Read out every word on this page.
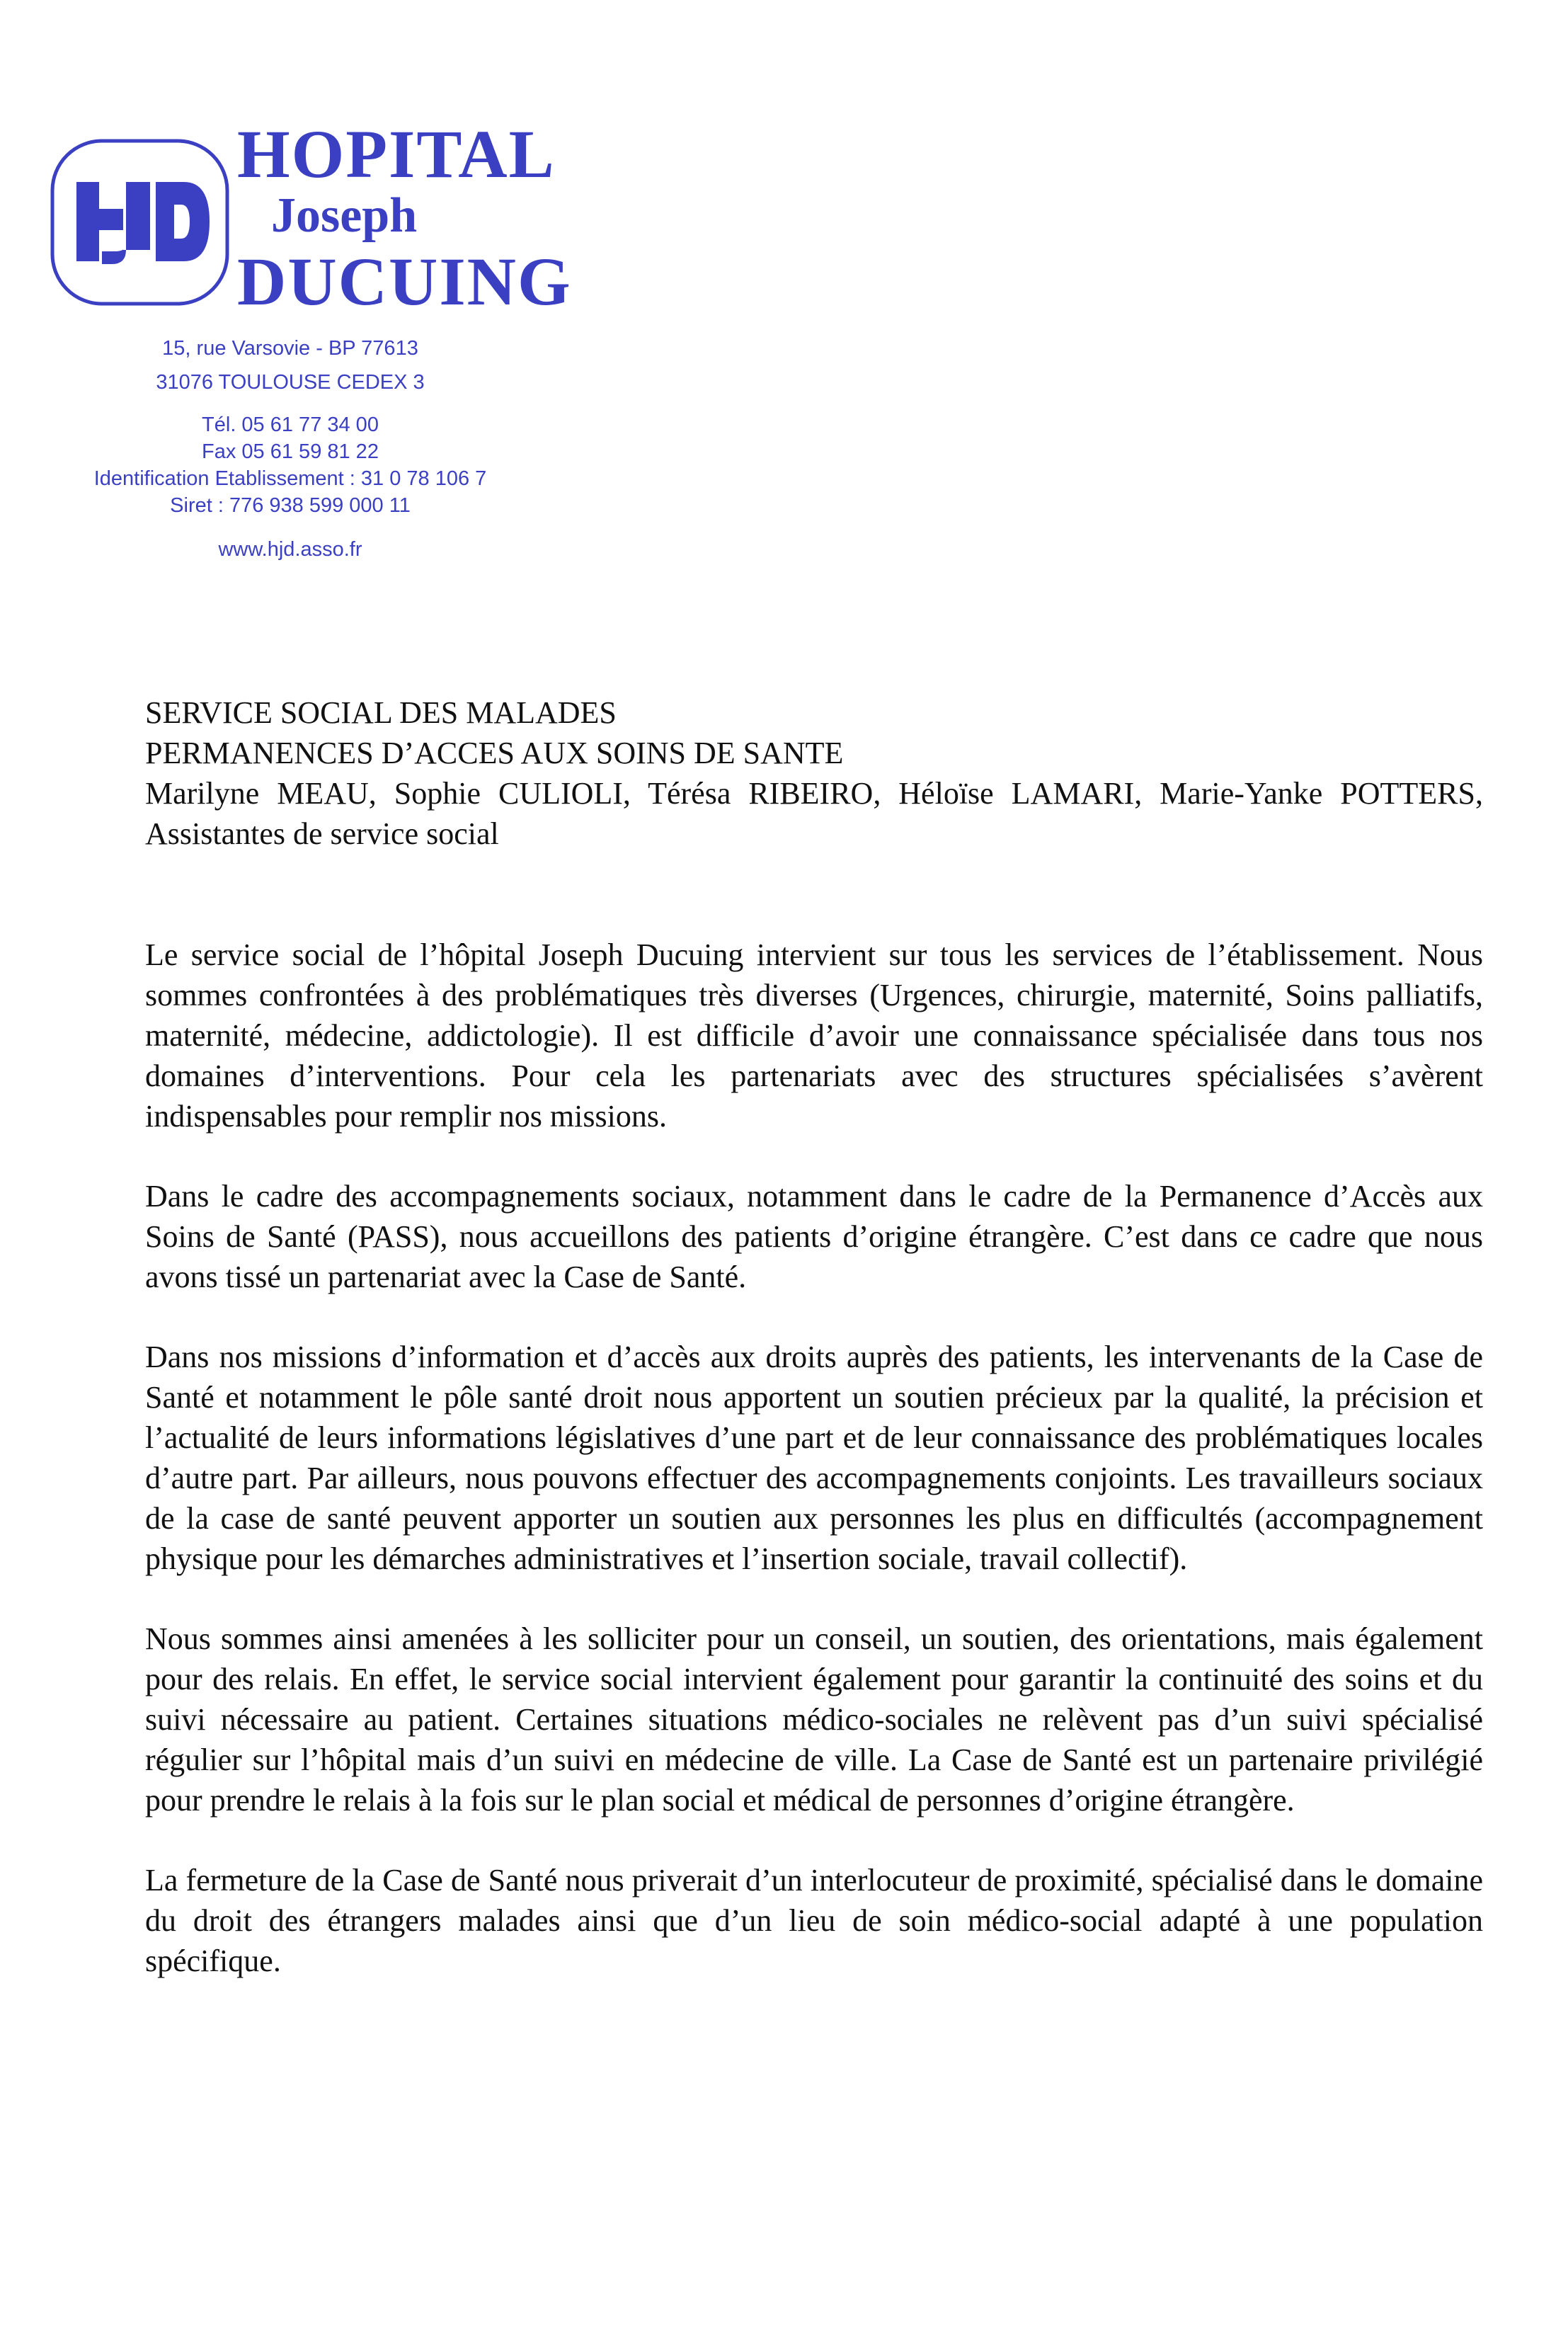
HOPITAL
Joseph
DUCUING
15, rue Varsovie - BP 77613
31076 TOULOUSE CEDEX 3
Tél. 05 61 77 34 00
Fax 05 61 59 81 22
Identification Etablissement : 31 0 78 106 7
Siret : 776 938 599 000 11
www.hjd.asso.fr
SERVICE SOCIAL DES MALADES
PERMANENCES D’ACCES AUX SOINS DE SANTE

Marilyne MEAU, Sophie CULIOLI, Térésa RIBEIRO, Héloïse LAMARI, Marie-Yanke POTTERS, Assistantes de service social

Le service social de l’hôpital Joseph Ducuing intervient sur tous les services de l’établissement. Nous sommes confrontées à des problématiques très diverses (Urgences, chirurgie, maternité, Soins palliatifs, maternité, médecine, addictologie). Il est difficile d’avoir une connaissance spécialisée dans tous nos domaines d’interventions. Pour cela les partenariats avec des structures spécialisées s’avèrent indispensables pour remplir nos missions.

Dans le cadre des accompagnements sociaux, notamment dans le cadre de la Permanence d’Accès aux Soins de Santé (PASS), nous accueillons des patients d’origine étrangère. C’est dans ce cadre que nous avons tissé un partenariat avec la Case de Santé.

Dans nos missions d’information et d’accès aux droits auprès des patients, les intervenants de la Case de Santé et notamment le pôle santé droit nous apportent un soutien précieux par la qualité, la précision et l’actualité de leurs informations législatives d’une part et de leur connaissance des problématiques locales d’autre part. Par ailleurs, nous pouvons effectuer des accompagnements conjoints. Les travailleurs sociaux de la case de santé peuvent apporter un soutien aux personnes les plus en difficultés (accompagnement physique pour les démarches administratives et l’insertion sociale, travail collectif).

Nous sommes ainsi amenées à les solliciter pour un conseil, un soutien, des orientations, mais également pour des relais. En effet, le service social intervient également pour garantir la continuité des soins et du suivi nécessaire au patient. Certaines situations médico-sociales ne relèvent pas d’un suivi spécialisé régulier sur l’hôpital mais d’un suivi en médecine de ville. La Case de Santé est un partenaire privilégié pour prendre le relais à la fois sur le plan social et médical de personnes d’origine étrangère.

La fermeture de la Case de Santé nous priverait d’un interlocuteur de proximité, spécialisé dans le domaine du droit des étrangers malades ainsi que d’un lieu de soin médico-social adapté à une population spécifique.
